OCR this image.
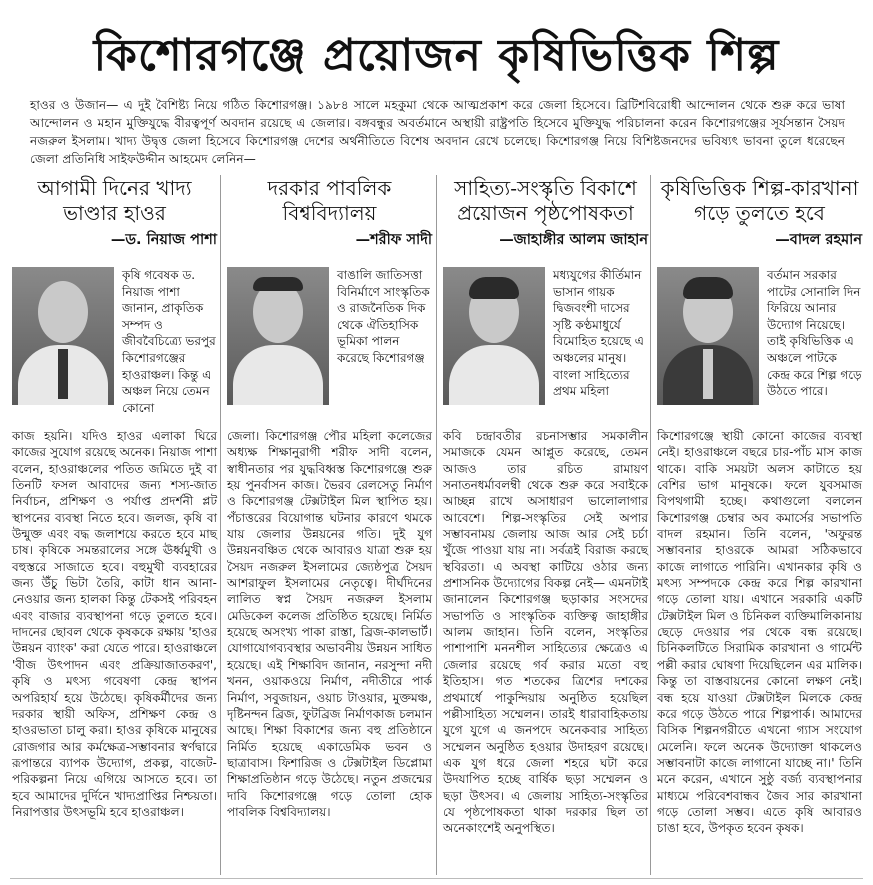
কিশোরগঞ্জে প্রয়োজন কৃষিভিত্তিক শিল্প
হাওর ও উজান— এ দুই বৈশিষ্ট্য নিয়ে গঠিত কিশোরগঞ্জ। ১৯৮৪ সালে মহকুমা থেকে আত্মপ্রকাশ করে জেলা হিসেবে। ব্রিটিশবিরোধী আন্দোলন থেকে শুরু করে ভাষা আন্দোলন ও মহান মুক্তিযুদ্ধে বীরত্বপূর্ণ অবদান রয়েছে এ জেলার। বঙ্গবন্ধুর অবর্তমানে অস্থায়ী রাষ্ট্রপতি হিসেবে মুক্তিযুদ্ধ পরিচালনা করেন কিশোরগঞ্জের সূর্যসন্তান সৈয়দ নজরুল ইসলাম। খাদ্য উদ্বৃত্ত জেলা হিসেবে কিশোরগঞ্জ দেশের অর্থনীতিতে বিশেষ অবদান রেখে চলেছে। কিশোরগঞ্জ নিয়ে বিশিষ্টজনদের ভবিষ্যৎ ভাবনা তুলে ধরেছেন জেলা প্রতিনিধি সাইফউদ্দীন আহমেদ লেনিন—
আগামী দিনের খাদ্য ভাণ্ডার হাওর
—ড. নিয়াজ পাশা
কৃষি গবেষক ড. নিয়াজ পাশা জানান, প্রাকৃতিক সম্পদ ও জীববৈচিত্র্যে ভরপুর কিশোরগঞ্জের হাওরাঞ্চল। কিন্তু এ অঞ্চল নিয়ে তেমন কোনো
কাজ হয়নি। যদিও হাওর এলাকা ঘিরে কাজের সুযোগ রয়েছে অনেক। নিয়াজ পাশা বলেন, হাওরাঞ্চলের পতিত জমিতে দুই বা তিনটি ফসল আবাদের জন্য শস্য-জাত নির্বাচন, প্রশিক্ষণ ও পর্যাপ্ত প্রদর্শনী প্লট স্থাপনের ব্যবস্থা নিতে হবে। জলজ, কৃষি বা উন্মুক্ত এবং বদ্ধ জলাশয়ে করতে হবে মাছ চাষ। কৃষিকে সমন্তরালের সঙ্গে ঊর্ধ্বমুখী ও বহুস্তরে সাজাতে হবে। বহুমুখী ব্যবহারের জন্য উঁচু ভিটা তৈরি, কাটা ধান আনা-নেওয়ার জন্য হালকা কিন্তু টেকসই পরিবহন এবং বাজার ব্যবস্থাপনা গড়ে তুলতে হবে। দাদনের ছোবল থেকে কৃষককে রক্ষায় 'হাওর উন্নয়ন ব্যাংক' করা যেতে পারে। হাওরাঞ্চলে 'বীজ উৎপাদন এবং প্রক্রিয়াজাতকরণ', কৃষি ও মৎস্য গবেষণা কেন্দ্র স্থাপন অপরিহার্য হয়ে উঠেছে। কৃষিকর্মীদের জন্য দরকার স্থায়ী অফিস, প্রশিক্ষণ কেন্দ্র ও হাওরভাতা চালু করা। হাওর কৃষিকে মানুষের রোজগার আর কর্মক্ষেত্র-সম্ভাবনার স্বর্ণদ্বারে রূপান্তরে ব্যাপক উদ্যোগ, প্রকল্প, বাজেট-পরিকল্পনা নিয়ে এগিয়ে আসতে হবে। তা হবে আমাদের দুর্দিনে খাদ্যপ্রাপ্তির নিশ্চয়তা। নিরাপত্তার উৎসভূমি হবে হাওরাঞ্চল।
দরকার পাবলিক বিশ্ববিদ্যালয়
—শরীফ সাদী
বাঙালি জাতিসত্তা বিনির্মাণে সাংস্কৃতিক ও রাজনৈতিক দিক থেকে ঐতিহাসিক ভূমিকা পালন করেছে কিশোরগঞ্জ
জেলা। কিশোরগঞ্জ পৌর মহিলা কলেজের অধ্যক্ষ শিক্ষানুরাগী শরীফ সাদী বলেন, স্বাধীনতার পর যুদ্ধবিধ্বস্ত কিশোরগঞ্জে শুরু হয় পুনর্বাসন কাজ। ভৈরব রেলসেতু নির্মাণ ও কিশোরগঞ্জ টেক্সটাইল মিল স্থাপিত হয়। পঁচাত্তরের বিয়োগান্ত ঘটনার কারণে থমকে যায় জেলার উন্নয়নের গতি। দুই যুগ উন্নয়নবঞ্চিত থেকে আবারও যাত্রা শুরু হয় সৈয়দ নজরুল ইসলামের জ্যেষ্ঠপুত্র সৈয়দ আশরাফুল ইসলামের নেতৃত্বে। দীর্ঘদিনের লালিত স্বপ্ন সৈয়দ নজরুল ইসলাম মেডিকেল কলেজ প্রতিষ্ঠিত হয়েছে। নির্মিত হয়েছে অসংখ্য পাকা রাস্তা, ব্রিজ-কালভার্ট। যোগাযোগব্যবস্থার অভাবনীয় উন্নয়ন সাধিত হয়েছে। এই শিক্ষাবিদ জানান, নরসুন্দা নদী খনন, ওয়াকওয়ে নির্মাণ, নদীতীরে পার্ক নির্মাণ, সবুজায়ন, ওয়াচ টাওয়ার, মুক্তমঞ্চ, দৃষ্টিনন্দন ব্রিজ, ফুটব্রিজ নির্মাণকাজ চলমান আছে। শিক্ষা বিকাশের জন্য বহু প্রতিষ্ঠানে নির্মিত হয়েছে একাডেমিক ভবন ও ছাত্রাবাস। ফিশারিজ ও টেক্সটাইল ডিপ্লোমা শিক্ষাপ্রতিষ্ঠান গড়ে উঠেছে। নতুন প্রজন্মের দাবি কিশোরগঞ্জে গড়ে তোলা হোক পাবলিক বিশ্ববিদ্যালয়।
সাহিত্য-সংস্কৃতি বিকাশে প্রয়োজন পৃষ্ঠপোষকতা
—জাহাঙ্গীর আলম জাহান
মধ্যযুগের কীর্তিমান ভাসান গায়ক দ্বিজবংশী দাসের সৃষ্টি কণ্ঠমাধুর্যে বিমোহিত হয়েছে এ অঞ্চলের মানুষ। বাংলা সাহিত্যের প্রথম মহিলা
কবি চন্দ্রাবতীর রচনাসম্ভার সমকালীন সমাজকে যেমন আপ্লুত করেছে, তেমন আজও তার রচিত রামায়ণ সনাতনধর্মাবলম্বী থেকে শুরু করে সবাইকে আচ্ছন্ন রাখে অসাধারণ ভালোলাগার আবেশে। শিল্প-সংস্কৃতির সেই অপার সম্ভাবনাময় জেলায় আজ আর সেই চর্চা খুঁজে পাওয়া যায় না। সর্বত্রই বিরাজ করছে স্থবিরতা। এ অবস্থা কাটিয়ে ওঠার জন্য প্রশাসনিক উদ্যোগের বিকল্প নেই— এমনটাই জানালেন কিশোরগঞ্জ ছড়াকার সংসদের সভাপতি ও সাংস্কৃতিক ব্যক্তিত্ব জাহাঙ্গীর আলম জাহান। তিনি বলেন, সংস্কৃতির পাশাপাশি মননশীল সাহিত্যের ক্ষেত্রেও এ জেলার রয়েছে গর্ব করার মতো বহু ইতিহাস। গত শতকের ত্রিশের দশকের প্রথমার্ধে পাকুন্দিয়ায় অনুষ্ঠিত হয়েছিল পল্লীসাহিত্য সম্মেলন। তারই ধারাবাহিকতায় যুগে যুগে এ জনপদে অনেকবার সাহিত্য সম্মেলন অনুষ্ঠিত হওয়ার উদাহরণ রয়েছে। এক যুগ ধরে জেলা শহরে ঘটা করে উদযাপিত হচ্ছে বার্ষিক ছড়া সম্মেলন ও ছড়া উৎসব। এ জেলায় সাহিত্য-সংস্কৃতির যে পৃষ্ঠপোষকতা থাকা দরকার ছিল তা অনেকাংশেই অনুপস্থিত।
কৃষিভিত্তিক শিল্প-কারখানা গড়ে তুলতে হবে
—বাদল রহমান
বর্তমান সরকার পাটের সোনালি দিন ফিরিয়ে আনার উদ্যোগ নিয়েছে। তাই কৃষিভিত্তিক এ অঞ্চলে পাটকে কেন্দ্র করে শিল্প গড়ে উঠতে পারে।
কিশোরগঞ্জে স্থায়ী কোনো কাজের ব্যবস্থা নেই। হাওরাঞ্চলে বছরে চার-পাঁচ মাস কাজ থাকে। বাকি সময়টা অলস কাটাতে হয় বেশির ভাগ মানুষকে। ফলে যুবসমাজ বিপথগামী হচ্ছে। কথাগুলো বললেন কিশোরগঞ্জ চেম্বার অব কমার্সের সভাপতি বাদল রহমান। তিনি বলেন, 'অফুরন্ত সম্ভাবনার হাওরকে আমরা সঠিকভাবে কাজে লাগাতে পারিনি। এখানকার কৃষি ও মৎস্য সম্পদকে কেন্দ্র করে শিল্প কারখানা গড়ে তোলা যায়। এখানে সরকারি একটি টেক্সটাইল মিল ও চিনিকল ব্যক্তিমালিকানায় ছেড়ে দেওয়ার পর থেকে বন্ধ রয়েছে। চিনিকলটিতে সিরামিক কারখানা ও গার্মেন্ট পল্লী করার ঘোষণা দিয়েছিলেন এর মালিক। কিন্তু তা বাস্তবায়নের কোনো লক্ষণ নেই। বন্ধ হয়ে যাওয়া টেক্সটাইল মিলকে কেন্দ্র করে গড়ে উঠতে পারে শিল্পপার্ক। আমাদের বিসিক শিল্পনগরীতে এখনো গ্যাস সংযোগ মেলেনি। ফলে অনেক উদ্যোক্তা থাকলেও সম্ভাবনাটা কাজে লাগানো যাচ্ছে না।' তিনি মনে করেন, এখানে সুষ্ঠু বর্জ্য ব্যবস্থাপনার মাধ্যমে পরিবেশবান্ধব জৈব সার কারখানা গড়ে তোলা সম্ভব। এতে কৃষি আবারও চাঙা হবে, উপকৃত হবেন কৃষক।
